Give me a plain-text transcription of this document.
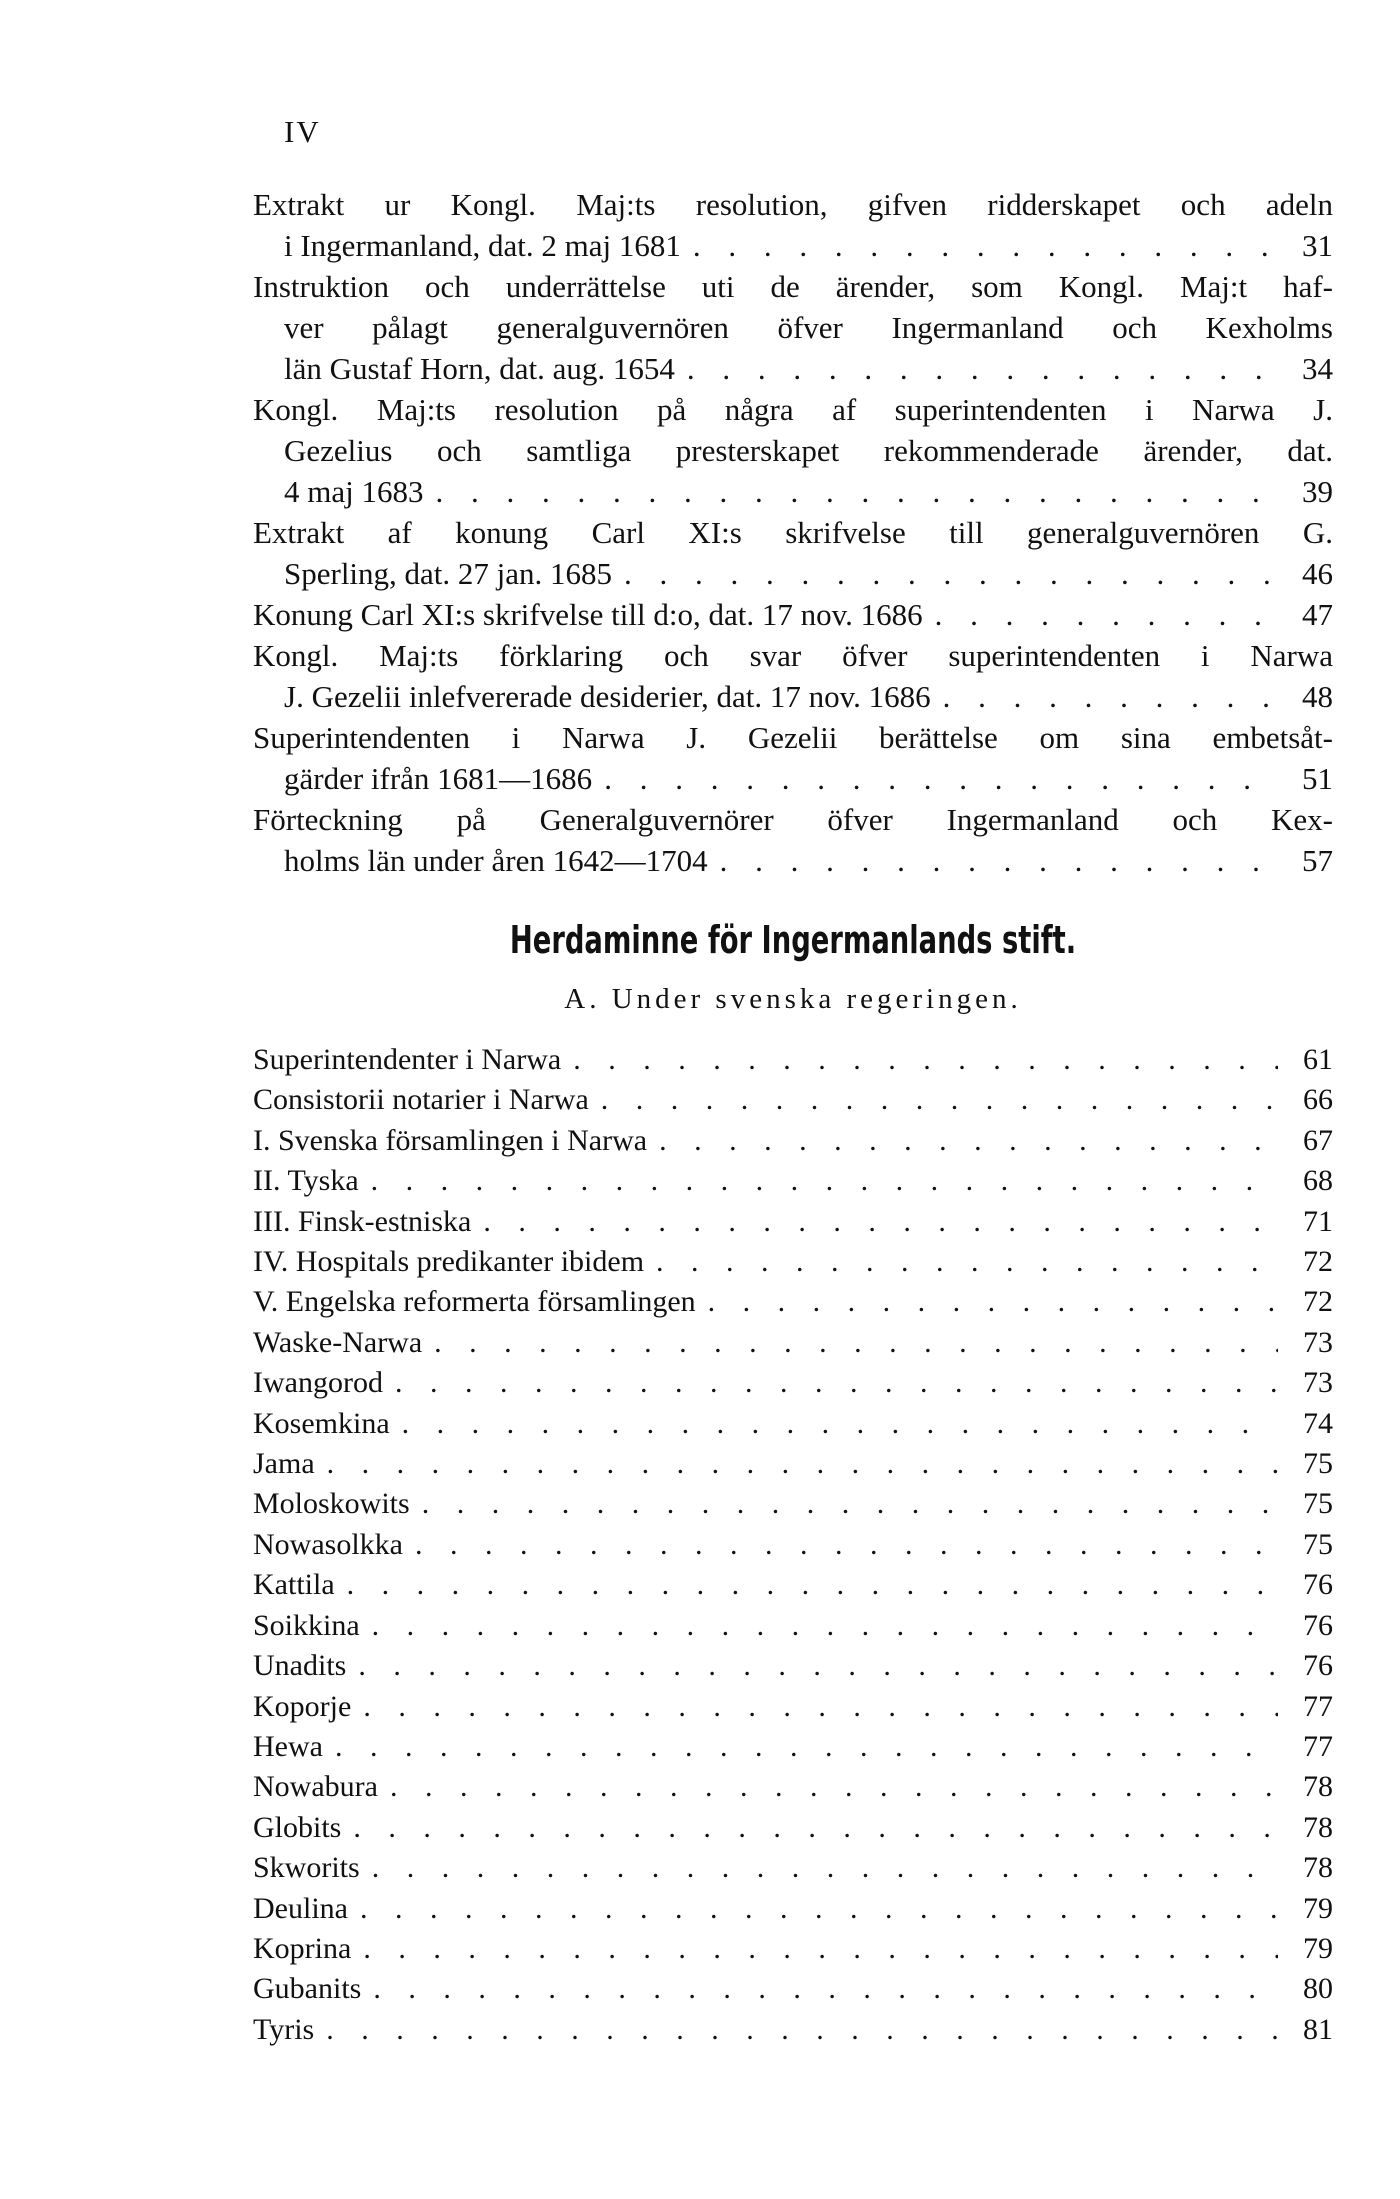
IV
Extrakt ur Kongl. Maj:ts resolution, gifven ridderskapet och adeln
i Ingermanland, dat. 2 maj 1681 . . .	31
Instruktion och underrättelse uti de ärender, som Kongl. Maj:t haf-
ver pålagt generalguvernören öfver Ingermanland och Kexholms
län Gustaf Horn, dat. aug. 1654 . . .	34
Kongl. Maj:ts resolution på några af superintendenten i Narwa J.
Gezelius och samtliga presterskapet rekommenderade ärender, dat.
4 maj 1683 . . .	39
Extrakt af konung Carl XI:s skrifvelse till generalguvernören G.
Sperling, dat. 27 jan. 1685 . . .	46
Konung Carl XI:s skrifvelse till d:o, dat. 17 nov. 1686 . . .	47
Kongl. Maj:ts förklaring och svar öfver superintendenten i Narwa
J. Gezelii inlefvererade desiderier, dat. 17 nov. 1686 . . .	48
Superintendenten i Narwa J. Gezelii berättelse om sina embetsåt-
gärder ifrån 1681—1686 . . .	51
Förteckning på Generalguvernörer öfver Ingermanland och Kex-
holms län under åren 1642—1704 . . .	57
Herdaminne för Ingermanlands stift.
A. Under svenska regeringen.
Superintendenter i Narwa . . .	61
Consistorii notarier i Narwa . . .	66
I. Svenska församlingen i Narwa . . .	67
II. Tyska . . .	68
III. Finsk-estniska . . .	71
IV. Hospitals predikanter ibidem . . .	72
V. Engelska reformerta församlingen . . .	72
Waske-Narwa . . .	73
Iwangorod . . .	73
Kosemkina . . .	74
Jama . . .	75
Moloskowits . . .	75
Nowasolkka . . .	75
Kattila . . .	76
Soikkina . . .	76
Unadits . . .	76
Koporje . . .	77
Hewa . . .	77
Nowabura . . .	78
Globits . . .	78
Skworits . . .	78
Deulina . . .	79
Koprina . . .	79
Gubanits . . .	80
Tyris . . .	81
